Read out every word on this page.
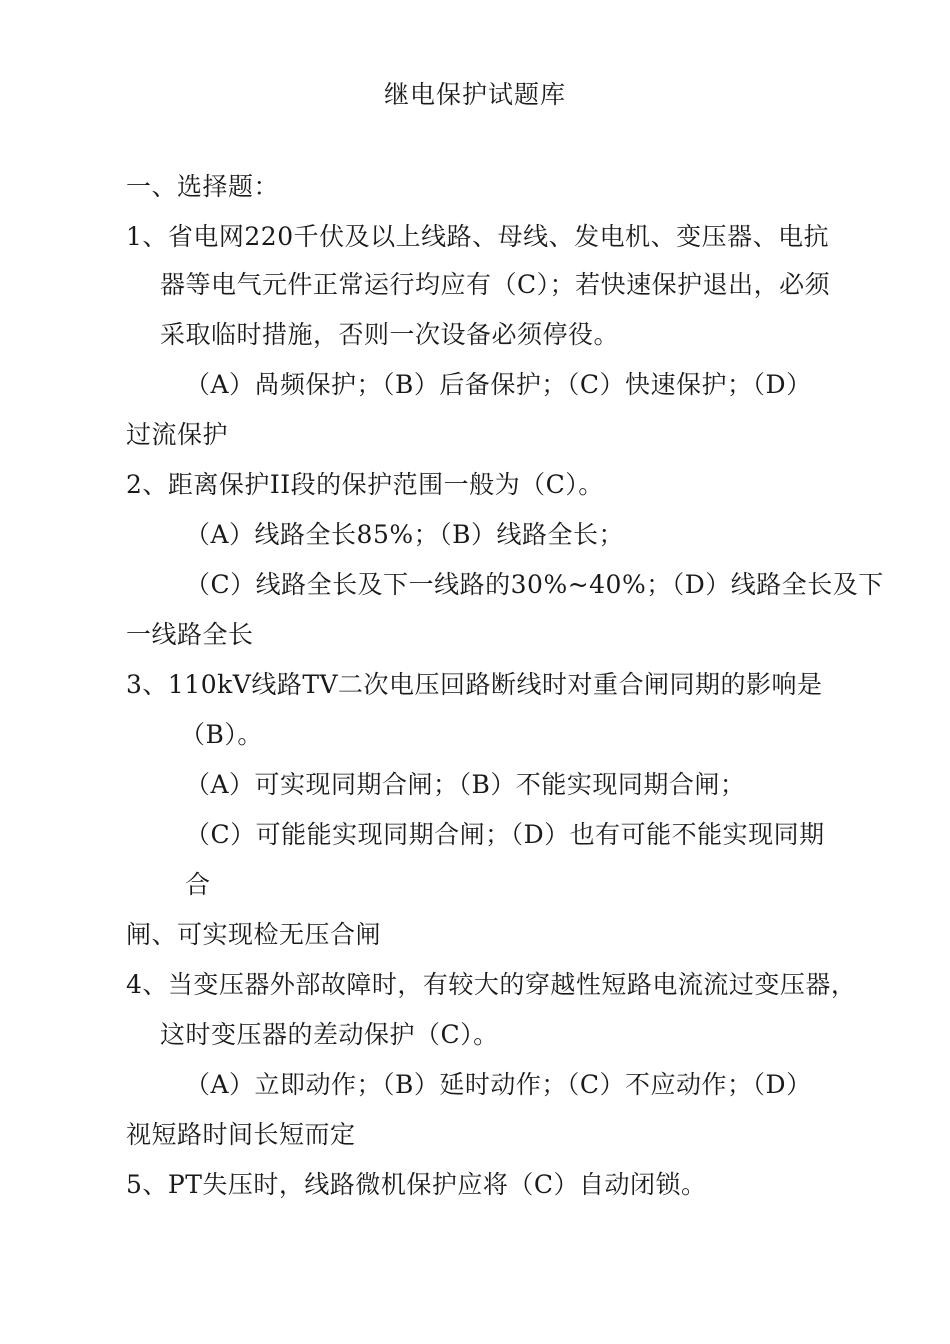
继电保护试题库
一、选择题：
1、省电网220千伏及以上线路、母线、发电机、变压器、电抗
器等电气元件正常运行均应有（C）；若快速保护退出，必须
采取临时措施，否则一次设备必须停役。
（A）咼频保护；（B）后备保护；（C）快速保护；（D）
过流保护
2、距离保护II段的保护范围一般为（C）。
（A）线路全长85%；（B）线路全长；
（C）线路全长及下一线路的30%~40%；（D）线路全长及下
一线路全长
3、110kV线路TV二次电压回路断线时对重合闸同期的影响是
（B）。
（A）可实现同期合闸；（B）不能实现同期合闸；
（C）可能能实现同期合闸；（D）也有可能不能实现同期
合
闸、可实现检无压合闸
4、当变压器外部故障时，有较大的穿越性短路电流流过变压器，
这时变压器的差动保护（C）。
（A）立即动作；（B）延时动作；（C）不应动作；（D）
视短路时间长短而定
5、PT失压时，线路微机保护应将（C）自动闭锁。
